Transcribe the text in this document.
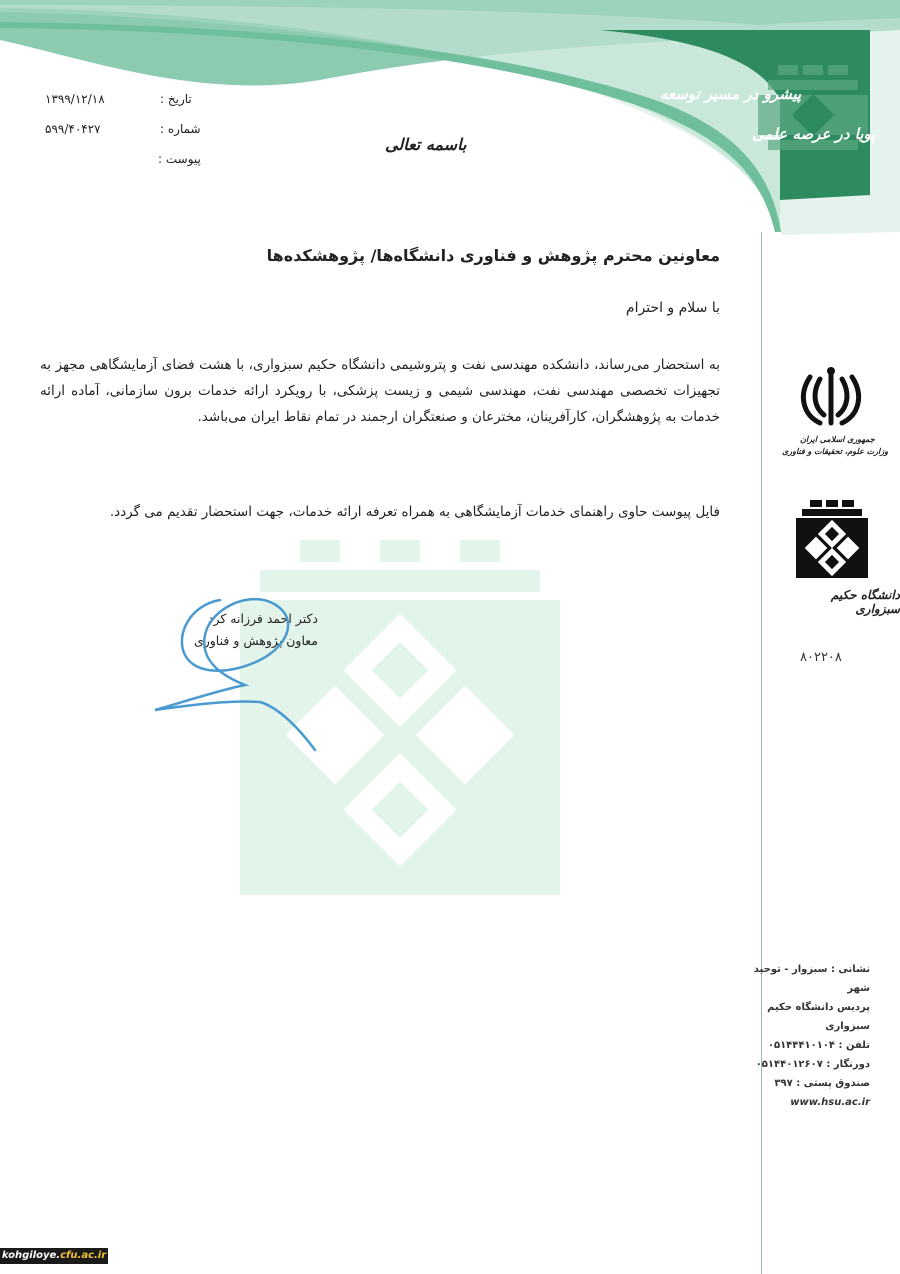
پیشرو در مسیر توسعه
پویا در عرصه علمی
تاریخ :
۱۳۹۹/۱۲/۱۸
شماره :
۵۹۹/۴۰۴۲۷
پیوست :
باسمه تعالی
معاونین محترم پژوهش و فناوری دانشگاه‌ها/ پژوهشکده‌ها
با سلام و احترام
به استحضار می‌رساند، دانشکده مهندسی نفت و پتروشیمی دانشگاه حکیم سبزواری، با هشت فضای آزمایشگاهی مجهز به تجهیزات تخصصی مهندسی نفت، مهندسی شیمی و زیست پزشکی، با رویکرد ارائه خدمات برون سازمانی، آماده ارائه خدمات به پژوهشگران، کارآفرینان، مخترعان و صنعتگران ارجمند در تمام نقاط ایران می‌باشد.
فایل پیوست حاوی راهنمای خدمات آزمایشگاهی به همراه تعرفه ارائه خدمات، جهت استحضار تقدیم می گردد.
دکتر احمد فرزانه کرد
معاون پژوهش و فناوری
جمهوری اسلامی ایران
وزارت علوم، تحقیقات و فناوری
دانشگاه حکیم سبزواری
۸۰۲۲۰۸
نشانی : سبزوار - توحید شهر
پردیس دانشگاه حکیم سبزواری
تلفن : ۰۵۱۴۴۴۱۰۱۰۴
دورنگار : ۰۵۱۴۴۰۱۲۶۰۷
صندوق پستی : ۳۹۷
www.hsu.ac.ir
kohgiloye.cfu.ac.ir
